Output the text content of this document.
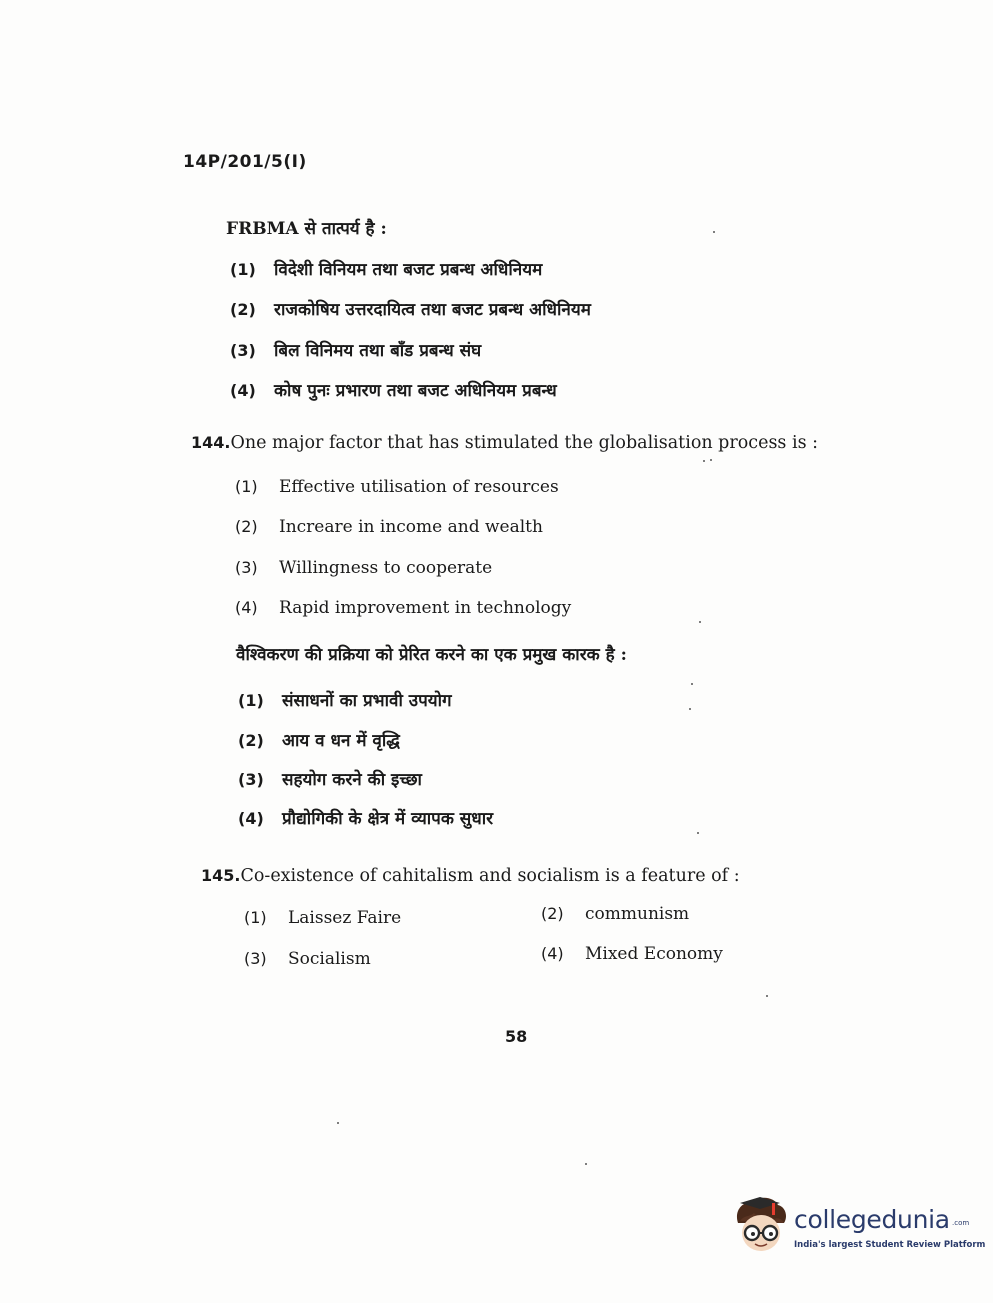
14P/201/5(I)
FRBMA से तात्पर्य है :
(1) विदेशी विनियम तथा बजट प्रबन्ध अधिनियम
(2) राजकोषिय उत्तरदायित्व तथा बजट प्रबन्ध अधिनियम
(3) बिल विनिमय तथा बॉंड प्रबन्ध संघ
(4) कोष पुनः प्रभारण तथा बजट अधिनियम प्रबन्ध
144.One major factor that has stimulated the globalisation process is :
(1) Effective utilisation of resources
(2) Increare in income and wealth
(3) Willingness to cooperate
(4) Rapid improvement in technology
वैश्विकरण की प्रक्रिया को प्रेरित करने का एक प्रमुख कारक है :
(1) संसाधनों का प्रभावी उपयोग
(2) आय व धन में वृद्धि
(3) सहयोग करने की इच्छा
(4) प्रौद्योगिकी के क्षेत्र में व्यापक सुधार
145.Co-existence of cahitalism and socialism is a feature of :
(1) Laissez Faire	(2) communism
(3) Socialism	(4) Mixed Economy
58
collegedunia .com
India's largest Student Review Platform
